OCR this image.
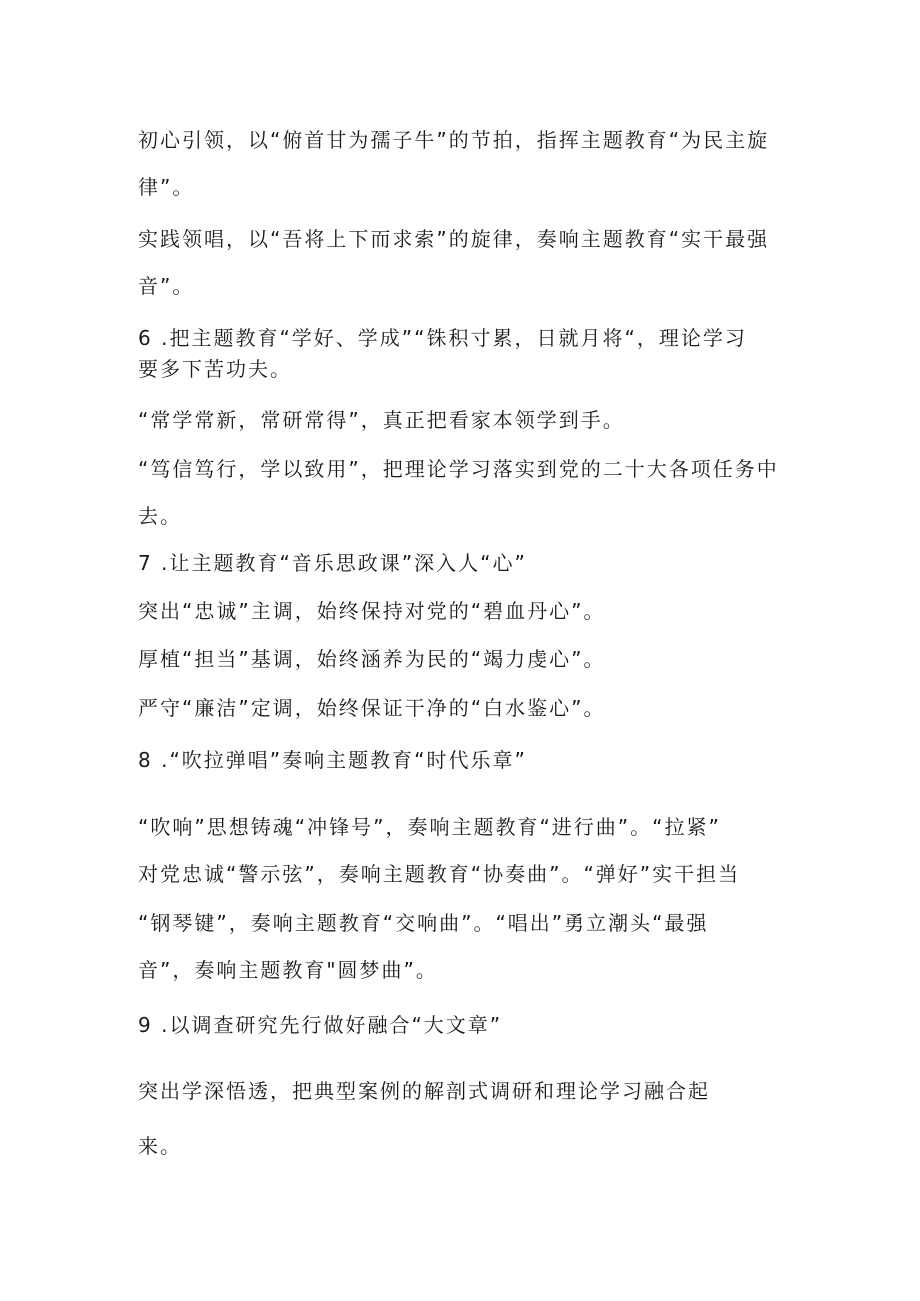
初心引领，以“俯首甘为孺子牛”的节拍，指挥主题教育“为民主旋
律”。
实践领唱，以“吾将上下而求索”的旋律，奏响主题教育“实干最强
音”。
6 .把主题教育“学好、学成”“铢积寸累，日就月将“，理论学习
要多下苦功夫。
“常学常新，常研常得”，真正把看家本领学到手。
“笃信笃行，学以致用”，把理论学习落实到党的二十大各项任务中
去。
7 .让主题教育“音乐思政课”深入人“心”
突出“忠诚”主调，始终保持对党的“碧血丹心”。
厚植“担当”基调，始终涵养为民的“竭力虔心”。
严守“廉洁”定调，始终保证干净的“白水鉴心”。
8 .“吹拉弹唱”奏响主题教育“时代乐章”
“吹响”思想铸魂“冲锋号”，奏响主题教育“进行曲”。“拉紧”
对党忠诚“警示弦”，奏响主题教育“协奏曲”。“弹好”实干担当
“钢琴键”，奏响主题教育“交响曲”。“唱出”勇立潮头“最强
音”，奏响主题教育"圆梦曲”。
9 .以调查研究先行做好融合“大文章”
突出学深悟透，把典型案例的解剖式调研和理论学习融合起
来。
